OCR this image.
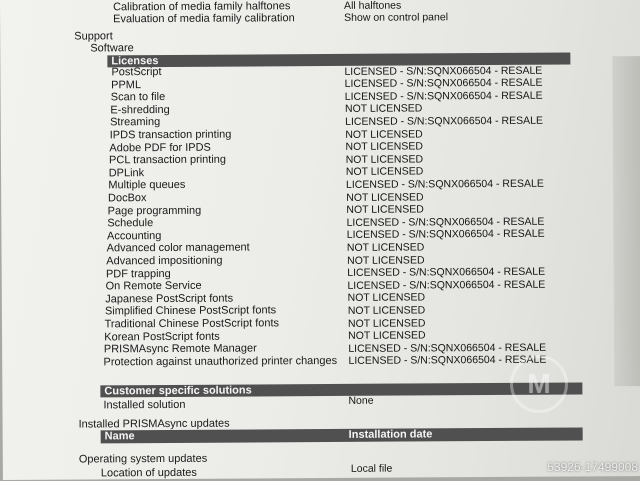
Calibration of media family halftones	All halftones
Evaluation of media family calibration	Show on control panel
Support
Software
Licenses
PostScript	LICENSED - S/N:SQNX066504 - RESALE
PPML	LICENSED - S/N:SQNX066504 - RESALE
Scan to file	LICENSED - S/N:SQNX066504 - RESALE
E-shredding	NOT LICENSED
Streaming	LICENSED - S/N:SQNX066504 - RESALE
IPDS transaction printing	NOT LICENSED
Adobe PDF for IPDS	NOT LICENSED
PCL transaction printing	NOT LICENSED
DPLink	NOT LICENSED
Multiple queues	LICENSED - S/N:SQNX066504 - RESALE
DocBox	NOT LICENSED
Page programming	NOT LICENSED
Schedule	LICENSED - S/N:SQNX066504 - RESALE
Accounting	LICENSED - S/N:SQNX066504 - RESALE
Advanced color management	NOT LICENSED
Advanced impositioning	NOT LICENSED
PDF trapping	LICENSED - S/N:SQNX066504 - RESALE
On Remote Service	LICENSED - S/N:SQNX066504 - RESALE
Japanese PostScript fonts	NOT LICENSED
Simplified Chinese PostScript fonts	NOT LICENSED
Traditional Chinese PostScript fonts	NOT LICENSED
Korean PostScript fonts	NOT LICENSED
PRISMAsync Remote Manager	LICENSED - S/N:SQNX066504 - RESALE
Protection against unauthorized printer changes LICENSED - S/N:SQNX066504 - RESALE
Customer specific solutions
Installed solution	None
Installed PRISMAsync updates
Name	Installation date
Operating system updates
Location of updates	Local file
M
53926-17499008
